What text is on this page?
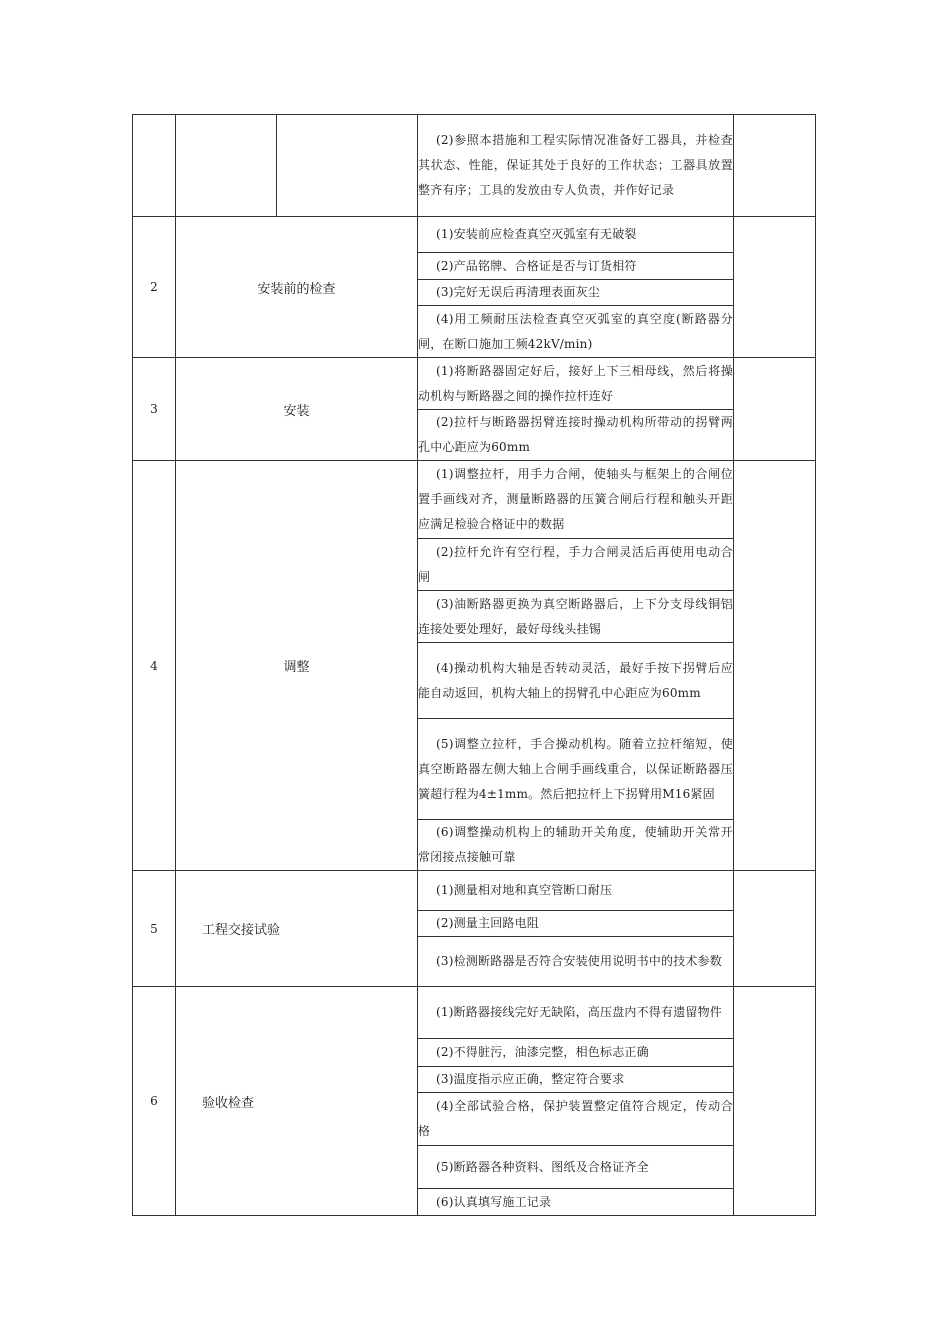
			(2)参照本措施和工程实际情况准备好工器具，并检查其状态、性能，保证其处于良好的工作状态；工器具放置整齐有序；工具的发放由专人负责，并作好记录	
2	安装前的检查		(1)安装前应检查真空灭弧室有无破裂	
			(2)产品铭牌、合格证是否与订货相符	
			(3)完好无误后再清理表面灰尘	
			(4)用工频耐压法检查真空灭弧室的真空度(断路器分闸，在断口施加工频42kV/min)	
3	安装		(1)将断路器固定好后，接好上下三相母线，然后将操动机构与断路器之间的操作拉杆连好	
			(2)拉杆与断路器拐臂连接时操动机构所带动的拐臂两孔中心距应为60mm	
4	调整		(1)调整拉杆，用手力合闸，使轴头与框架上的合闸位置手画线对齐，测量断路器的压簧合闸后行程和触头开距应满足检验合格证中的数据	
			(2)拉杆允许有空行程，手力合闸灵活后再使用电动合闸	
			(3)油断路器更换为真空断路器后，上下分支母线铜铝连接处要处理好，最好母线头挂锡	
			(4)操动机构大轴是否转动灵活，最好手按下拐臂后应能自动返回，机构大轴上的拐臂孔中心距应为60mm	
			(5)调整立拉杆，手合操动机构。随着立拉杆缩短，使真空断路器左侧大轴上合闸手画线重合，以保证断路器压簧超行程为4±1mm。然后把拉杆上下拐臂用M16紧固	
			(6)调整操动机构上的辅助开关角度，使辅助开关常开常闭接点接触可靠	
5	工程交接试验		(1)测量相对地和真空管断口耐压	
			(2)测量主回路电阻	
			(3)检测断路器是否符合安装使用说明书中的技术参数	
6	验收检查		(1)断路器接线完好无缺陷，高压盘内不得有遗留物件	
			(2)不得脏污，油漆完整，相色标志正确	
			(3)温度指示应正确，整定符合要求	
			(4)全部试验合格，保护装置整定值符合规定，传动合格	
			(5)断路器各种资料、图纸及合格证齐全	
			(6)认真填写施工记录	
